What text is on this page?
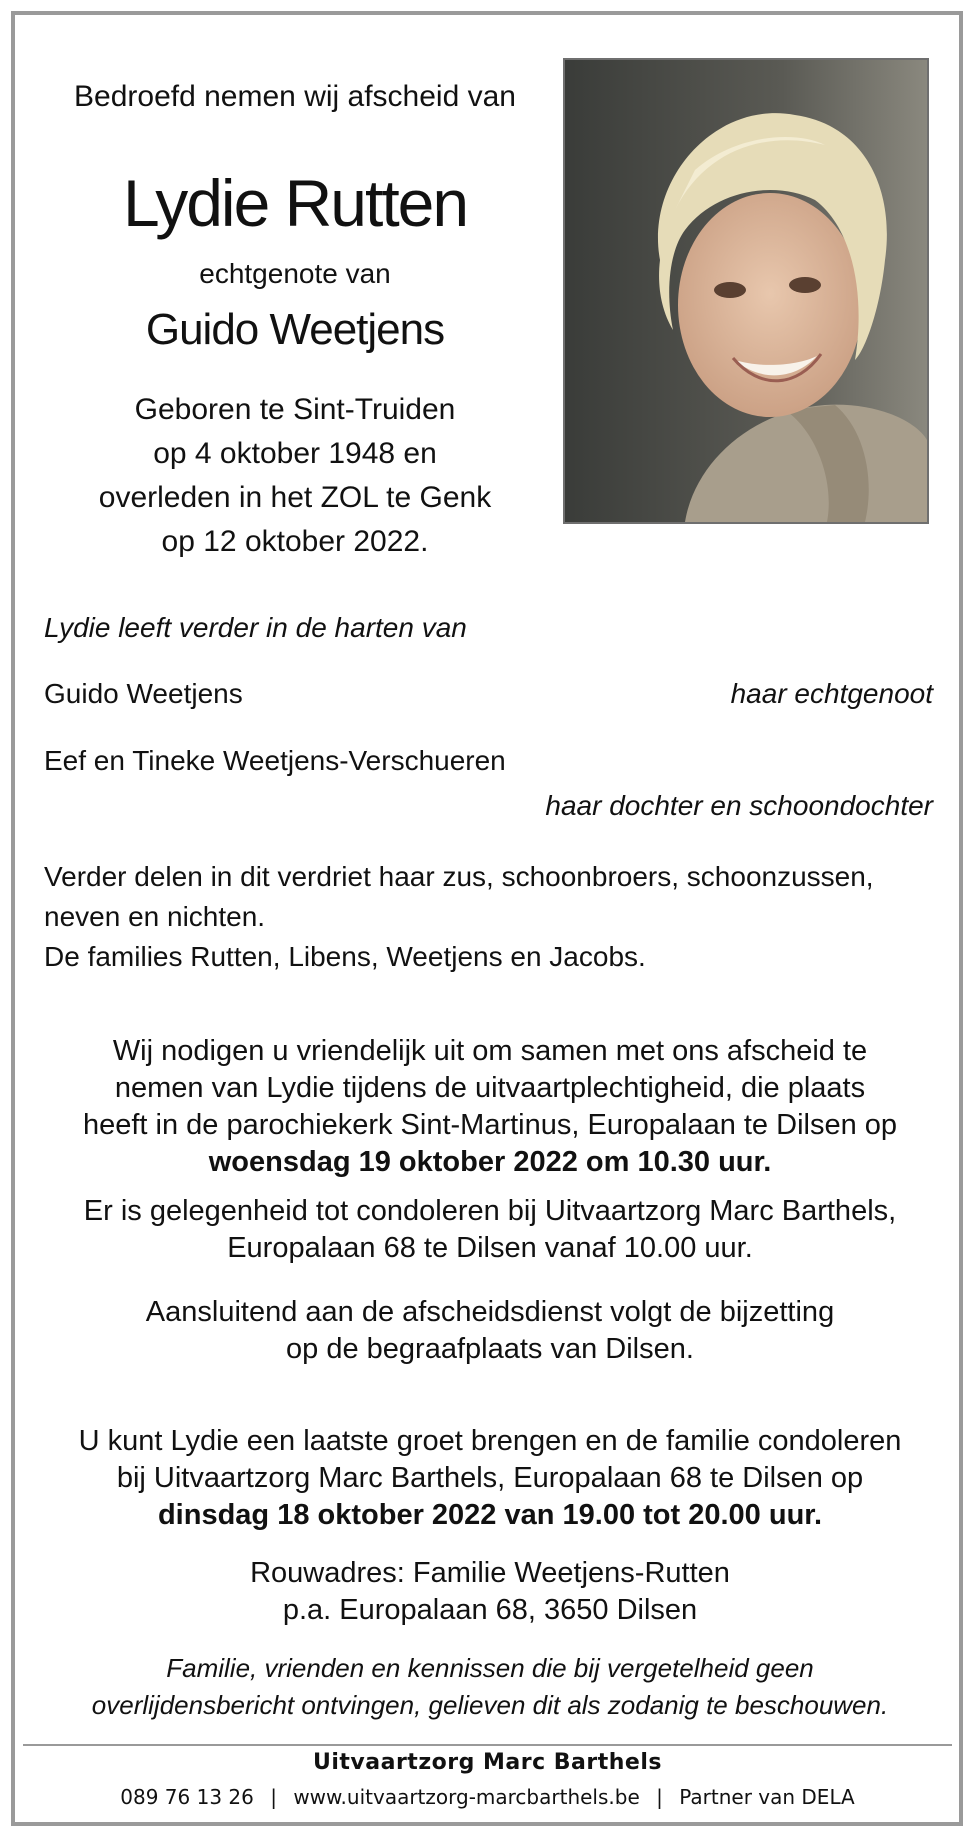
Bedroefd nemen wij afscheid van
Lydie Rutten
echtgenote van
Guido Weetjens
Geboren te Sint-Truiden
op 4 oktober 1948 en
overleden in het ZOL te Genk
op 12 oktober 2022.
Lydie leeft verder in de harten van
Guido Weetjens	haar echtgenoot
Eef en Tineke Weetjens-Verschueren
haar dochter en schoondochter
Verder delen in dit verdriet haar zus, schoonbroers, schoonzussen,
neven en nichten.
De families Rutten, Libens, Weetjens en Jacobs.
Wij nodigen u vriendelijk uit om samen met ons afscheid te
nemen van Lydie tijdens de uitvaartplechtigheid, die plaats
heeft in de parochiekerk Sint-Martinus, Europalaan te Dilsen op
woensdag 19 oktober 2022 om 10.30 uur.
Er is gelegenheid tot condoleren bij Uitvaartzorg Marc Barthels,
Europalaan 68 te Dilsen vanaf 10.00 uur.
Aansluitend aan de afscheidsdienst volgt de bijzetting
op de begraafplaats van Dilsen.
U kunt Lydie een laatste groet brengen en de familie condoleren
bij Uitvaartzorg Marc Barthels, Europalaan 68 te Dilsen op
dinsdag 18 oktober 2022 van 19.00 tot 20.00 uur.
Rouwadres: Familie Weetjens-Rutten
p.a. Europalaan 68, 3650 Dilsen
Familie, vrienden en kennissen die bij vergetelheid geen
overlijdensbericht ontvingen, gelieven dit als zodanig te beschouwen.
Uitvaartzorg Marc Barthels
089 76 13 26 | www.uitvaartzorg-marcbarthels.be | Partner van DELA
